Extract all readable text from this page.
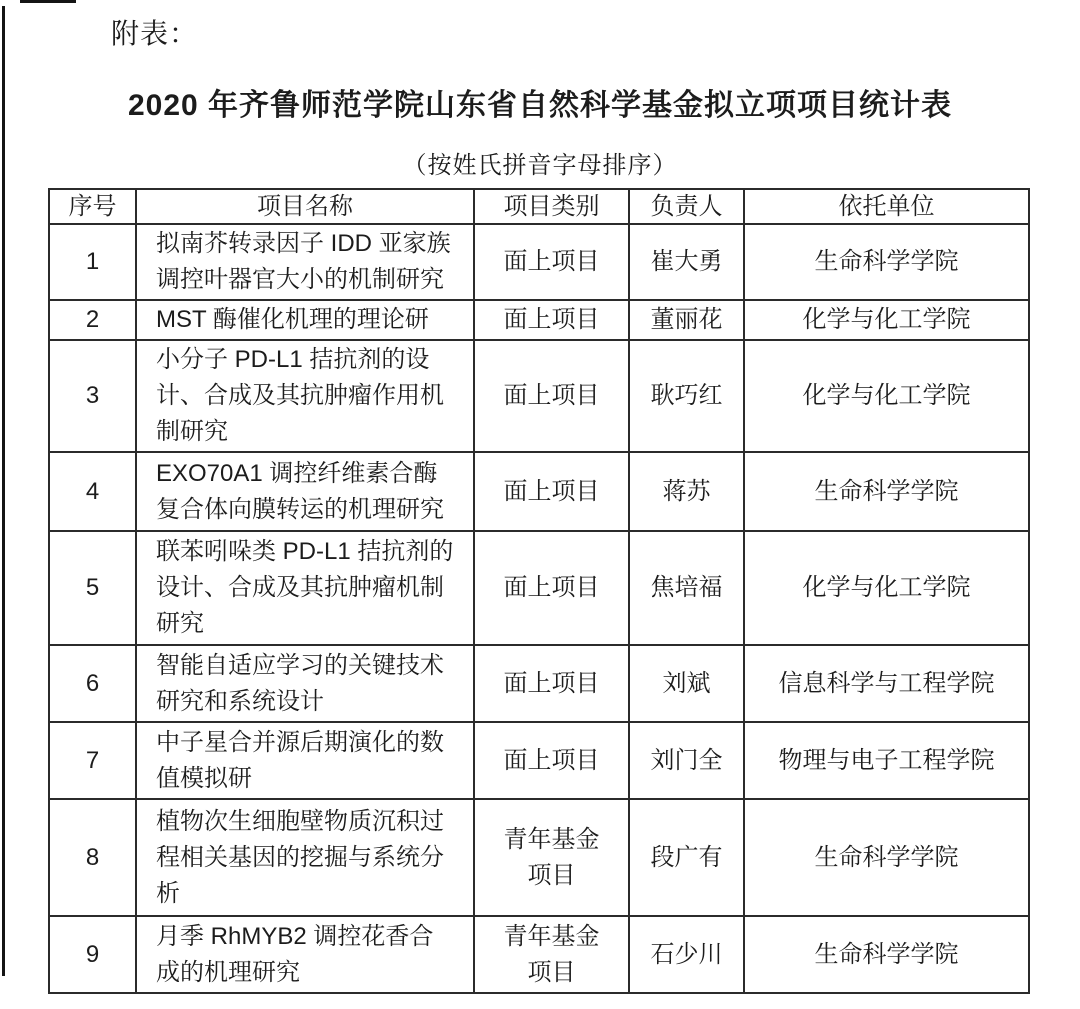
附表：
2020 年齐鲁师范学院山东省自然科学基金拟立项项目统计表
（按姓氏拼音字母排序）
序号	项目名称	项目类别	负责人	依托单位
1	拟南芥转录因子 IDD 亚家族调控叶器官大小的机制研究	面上项目	崔大勇	生命科学学院
2	MST 酶催化机理的理论研	面上项目	董丽花	化学与化工学院
3	小分子 PD-L1 拮抗剂的设计、合成及其抗肿瘤作用机制研究	面上项目	耿巧红	化学与化工学院
4	EXO70A1 调控纤维素合酶复合体向膜转运的机理研究	面上项目	蒋苏	生命科学学院
5	联苯吲哚类 PD-L1 拮抗剂的设计、合成及其抗肿瘤机制研究	面上项目	焦培福	化学与化工学院
6	智能自适应学习的关键技术研究和系统设计	面上项目	刘斌	信息科学与工程学院
7	中子星合并源后期演化的数值模拟研	面上项目	刘门全	物理与电子工程学院
8	植物次生细胞壁物质沉积过程相关基因的挖掘与系统分析	青年基金项目	段广有	生命科学学院
9	月季 RhMYB2 调控花香合成的机理研究	青年基金项目	石少川	生命科学学院
